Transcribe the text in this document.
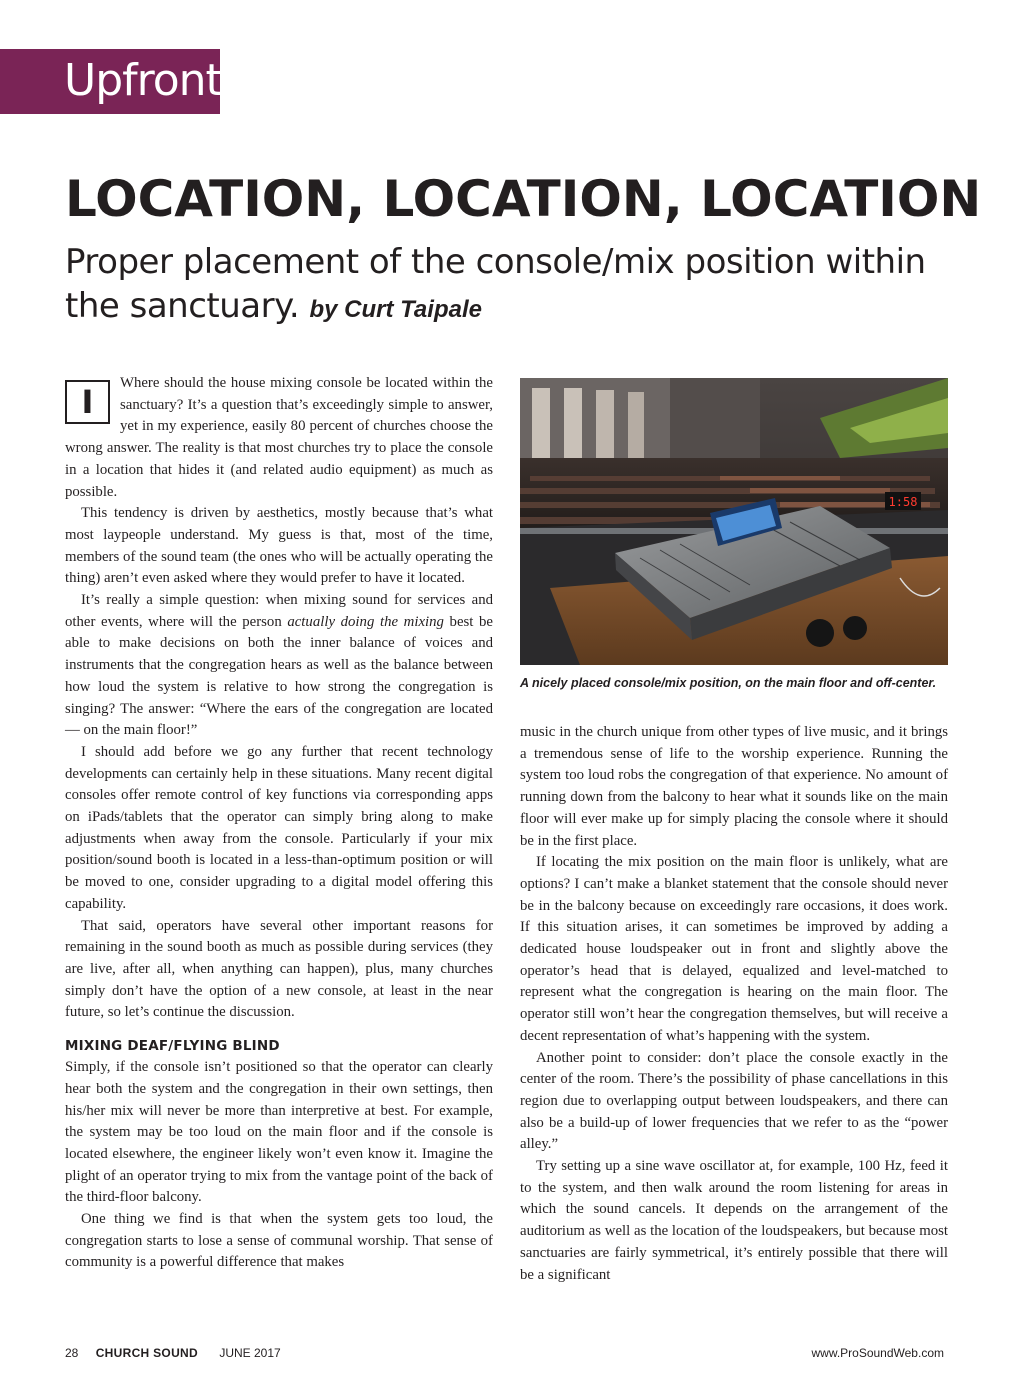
Upfront
LOCATION, LOCATION, LOCATION

Proper placement of the console/mix position within the sanctuary. by Curt Taipale

I	Where should the house mixing console be located within the sanctuary? It’s a question that’s exceedingly simple to answer, yet in my experience, easily 80 percent of churches choose the wrong answer. The reality is that most churches try to place the console in a location that hides it (and related audio equipment) as much as possible.

This tendency is driven by aesthetics, mostly because that’s what most laypeople understand. My guess is that, most of the time, members of the sound team (the ones who will be actually operating the thing) aren’t even asked where they would prefer to have it located.

It’s really a simple question: when mixing sound for services and other events, where will the person actually doing the mixing best be able to make decisions on both the inner balance of voices and instruments that the congregation hears as well as the balance between how loud the system is relative to how strong the congregation is singing? The answer: “Where the ears of the congregation are located — on the main floor!”

I should add before we go any further that recent technology developments can certainly help in these situations. Many recent digital consoles offer remote control of key functions via corresponding apps on iPads/tablets that the operator can simply bring along to make adjustments when away from the console. Particularly if your mix position/sound booth is located in a less-than-optimum position or will be moved to one, consider upgrading to a digital model offering this capability.

That said, operators have several other important reasons for remaining in the sound booth as much as possible during services (they are live, after all, when anything can happen), plus, many churches simply don’t have the option of a new console, at least in the near future, so let’s continue the discussion.

MIXING DEAF/FLYING BLIND

Simply, if the console isn’t positioned so that the operator can clearly hear both the system and the congregation in their own settings, then his/her mix will never be more than interpretive at best. For example, the system may be too loud on the main floor and if the console is located elsewhere, the engineer likely won’t even know it. Imagine the plight of an operator trying to mix from the vantage point of the back of the third-floor balcony.

One thing we find is that when the system gets too loud, the congregation starts to lose a sense of communal worship. That sense of community is a powerful difference that makes

1:58
A nicely placed console/mix position, on the main floor and off-center.

music in the church unique from other types of live music, and it brings a tremendous sense of life to the worship experience. Running the system too loud robs the congregation of that experience. No amount of running down from the balcony to hear what it sounds like on the main floor will ever make up for simply placing the console where it should be in the first place.

If locating the mix position on the main floor is unlikely, what are options? I can’t make a blanket statement that the console should never be in the balcony because on exceedingly rare occasions, it does work. If this situation arises, it can sometimes be improved by adding a dedicated house loudspeaker out in front and slightly above the operator’s head that is delayed, equalized and level-matched to represent what the congregation is hearing on the main floor. The operator still won’t hear the congregation themselves, but will receive a decent representation of what’s happening with the system.

Another point to consider: don’t place the console exactly in the center of the room. There’s the possibility of phase cancellations in this region due to overlapping output between loudspeakers, and there can also be a build-up of lower frequencies that we refer to as the “power alley.”

Try setting up a sine wave oscillator at, for example, 100 Hz, feed it to the system, and then walk around the room listening for areas in which the sound cancels. It depends on the arrangement of the auditorium as well as the location of the loudspeakers, but because most sanctuaries are fairly symmetrical, it’s entirely possible that there will be a significant

28 CHURCH SOUND JUNE 2017	www.ProSoundWeb.com
